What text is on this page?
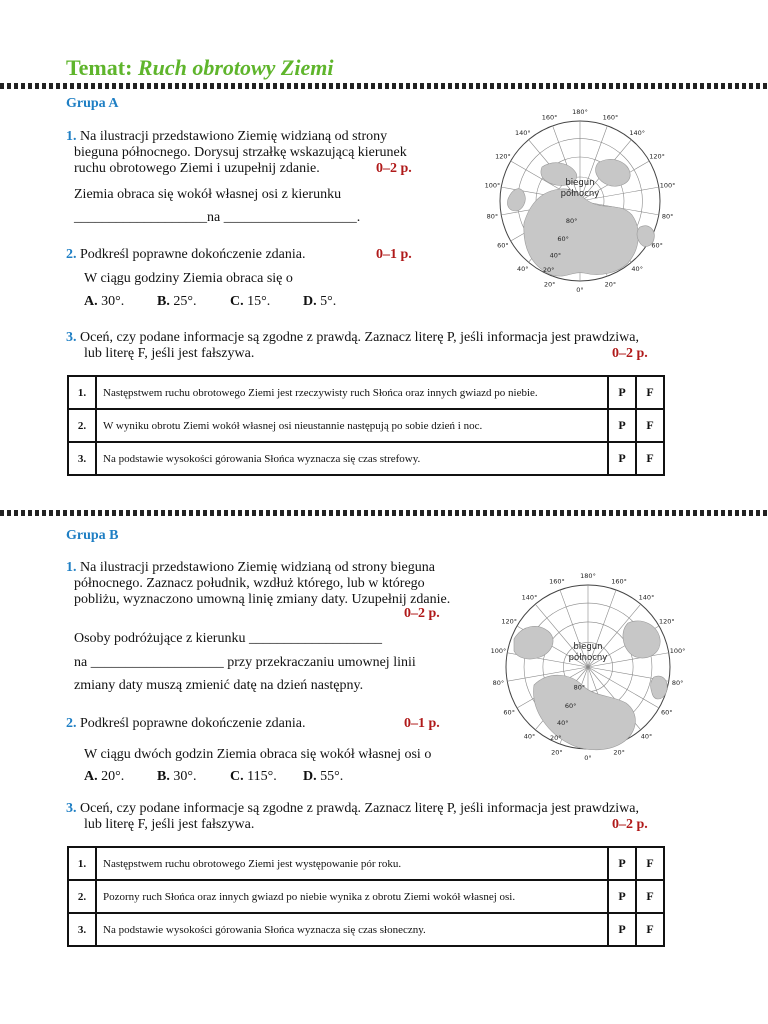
Temat: Ruch obrotowy Ziemi
Grupa A
1. Na ilustracji przedstawiono Ziemię widzianą od strony
bieguna północnego. Dorysuj strzałkę wskazującą kierunek
ruchu obrotowego Ziemi i uzupełnij zdanie.	0–2 p.
Ziemia obraca się wokół własnej osi z kierunku
___________________na ___________________.
2. Podkreśl poprawne dokończenie zdania.	0–1 p.
W ciągu godziny Ziemia obraca się o
A. 30°. B. 25°. C. 15°. D. 5°.
3. Oceń, czy podane informacje są zgodne z prawdą. Zaznacz literę P, jeśli informacja jest prawdziwa,
lub literę F, jeśli jest fałszywa.	0–2 p.
1.	Następstwem ruchu obrotowego Ziemi jest rzeczywisty ruch Słońca oraz innych gwiazd po niebie.	P	F
2.	W wyniku obrotu Ziemi wokół własnej osi nieustannie następują po sobie dzień i noc.	P	F
3.	Na podstawie wysokości górowania Słońca wyznacza się czas strefowy.	P	F
140°
160°
180°
160°
140°
120°
100°
80°
60°
40°
20°
0°
20°
40°
60°
80°
100°
120°
80°
60°
40°
20°
biegun
północny
Grupa B
1. Na ilustracji przedstawiono Ziemię widzianą od strony bieguna
północnego. Zaznacz południk, wzdłuż którego, lub w którego
pobliżu, wyznaczono umowną linię zmiany daty. Uzupełnij zdanie.
0–2 p.
Osoby podróżujące z kierunku ___________________
na ___________________ przy przekraczaniu umownej linii
zmiany daty muszą zmienić datę na dzień następny.
2. Podkreśl poprawne dokończenie zdania.	0–1 p.
W ciągu dwóch godzin Ziemia obraca się wokół własnej osi o
A. 20°. B. 30°. C. 115°. D. 55°.
3. Oceń, czy podane informacje są zgodne z prawdą. Zaznacz literę P, jeśli informacja jest prawdziwa,
lub literę F, jeśli jest fałszywa.	0–2 p.
1.	Następstwem ruchu obrotowego Ziemi jest występowanie pór roku.	P	F
2.	Pozorny ruch Słońca oraz innych gwiazd po niebie wynika z obrotu Ziemi wokół własnej osi.	P	F
3.	Na podstawie wysokości górowania Słońca wyznacza się czas słoneczny.	P	F
140°
160°
180°
160°
140°
120°
100°
80°
60°
40°
20°
0°
20°
40°
60°
80°
100°
120°
80°
60°
40°
20°
biegun
północny
